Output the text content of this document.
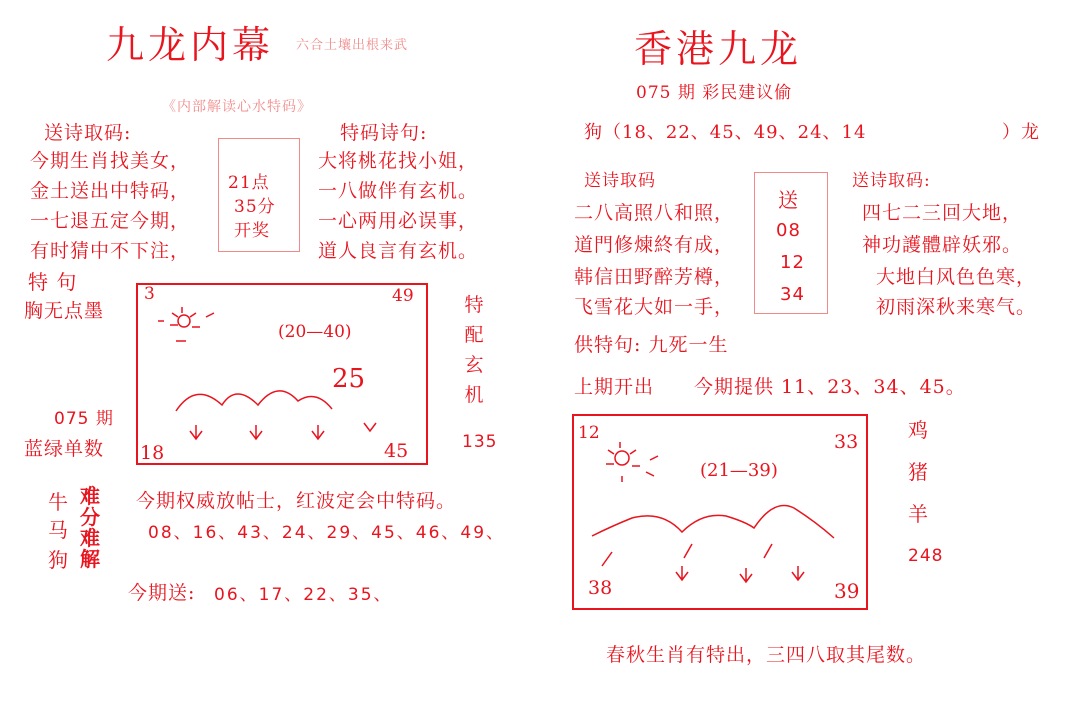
九龙内幕 六合土壤出根来武
《内部解读心水特码》
送诗取码:
今期生肖找美女，
金土送出中特码，
一七退五定今期，
有时猜中不下注，
21点
35分
开奖
特码诗句:
大将桃花找小姐，
一八做伴有玄机。
一心两用必误事，
道人良言有玄机。
特 句
胸无点墨
075 期
蓝绿单数
3	49
18	45
(20—40)
25
特配玄机
135
牛
马
狗
难
分
难
解
今期权威放帖士，红波定会中特码。
08、16、43、24、29、45、46、49、
今期送: 06、17、22、35、
香港九龙
075 期 彩民建议偷
狗（18、22、45、49、24、14	）龙
送诗取码
二八高照八和照，
道門修煉終有成，
韩信田野醉芳樽，
飞雪花大如一手，
送
08
12
34
送诗取码:
四七二三回大地，
神功護體辟妖邪。
大地白风色色寒，
初雨深秋来寒气。
供特句: 九死一生
上期开出 今期提供 11、23、34、45。
12	33
38	39
(21—39)
鸡
猪
羊
248
春秋生肖有特出，三四八取其尾数。
